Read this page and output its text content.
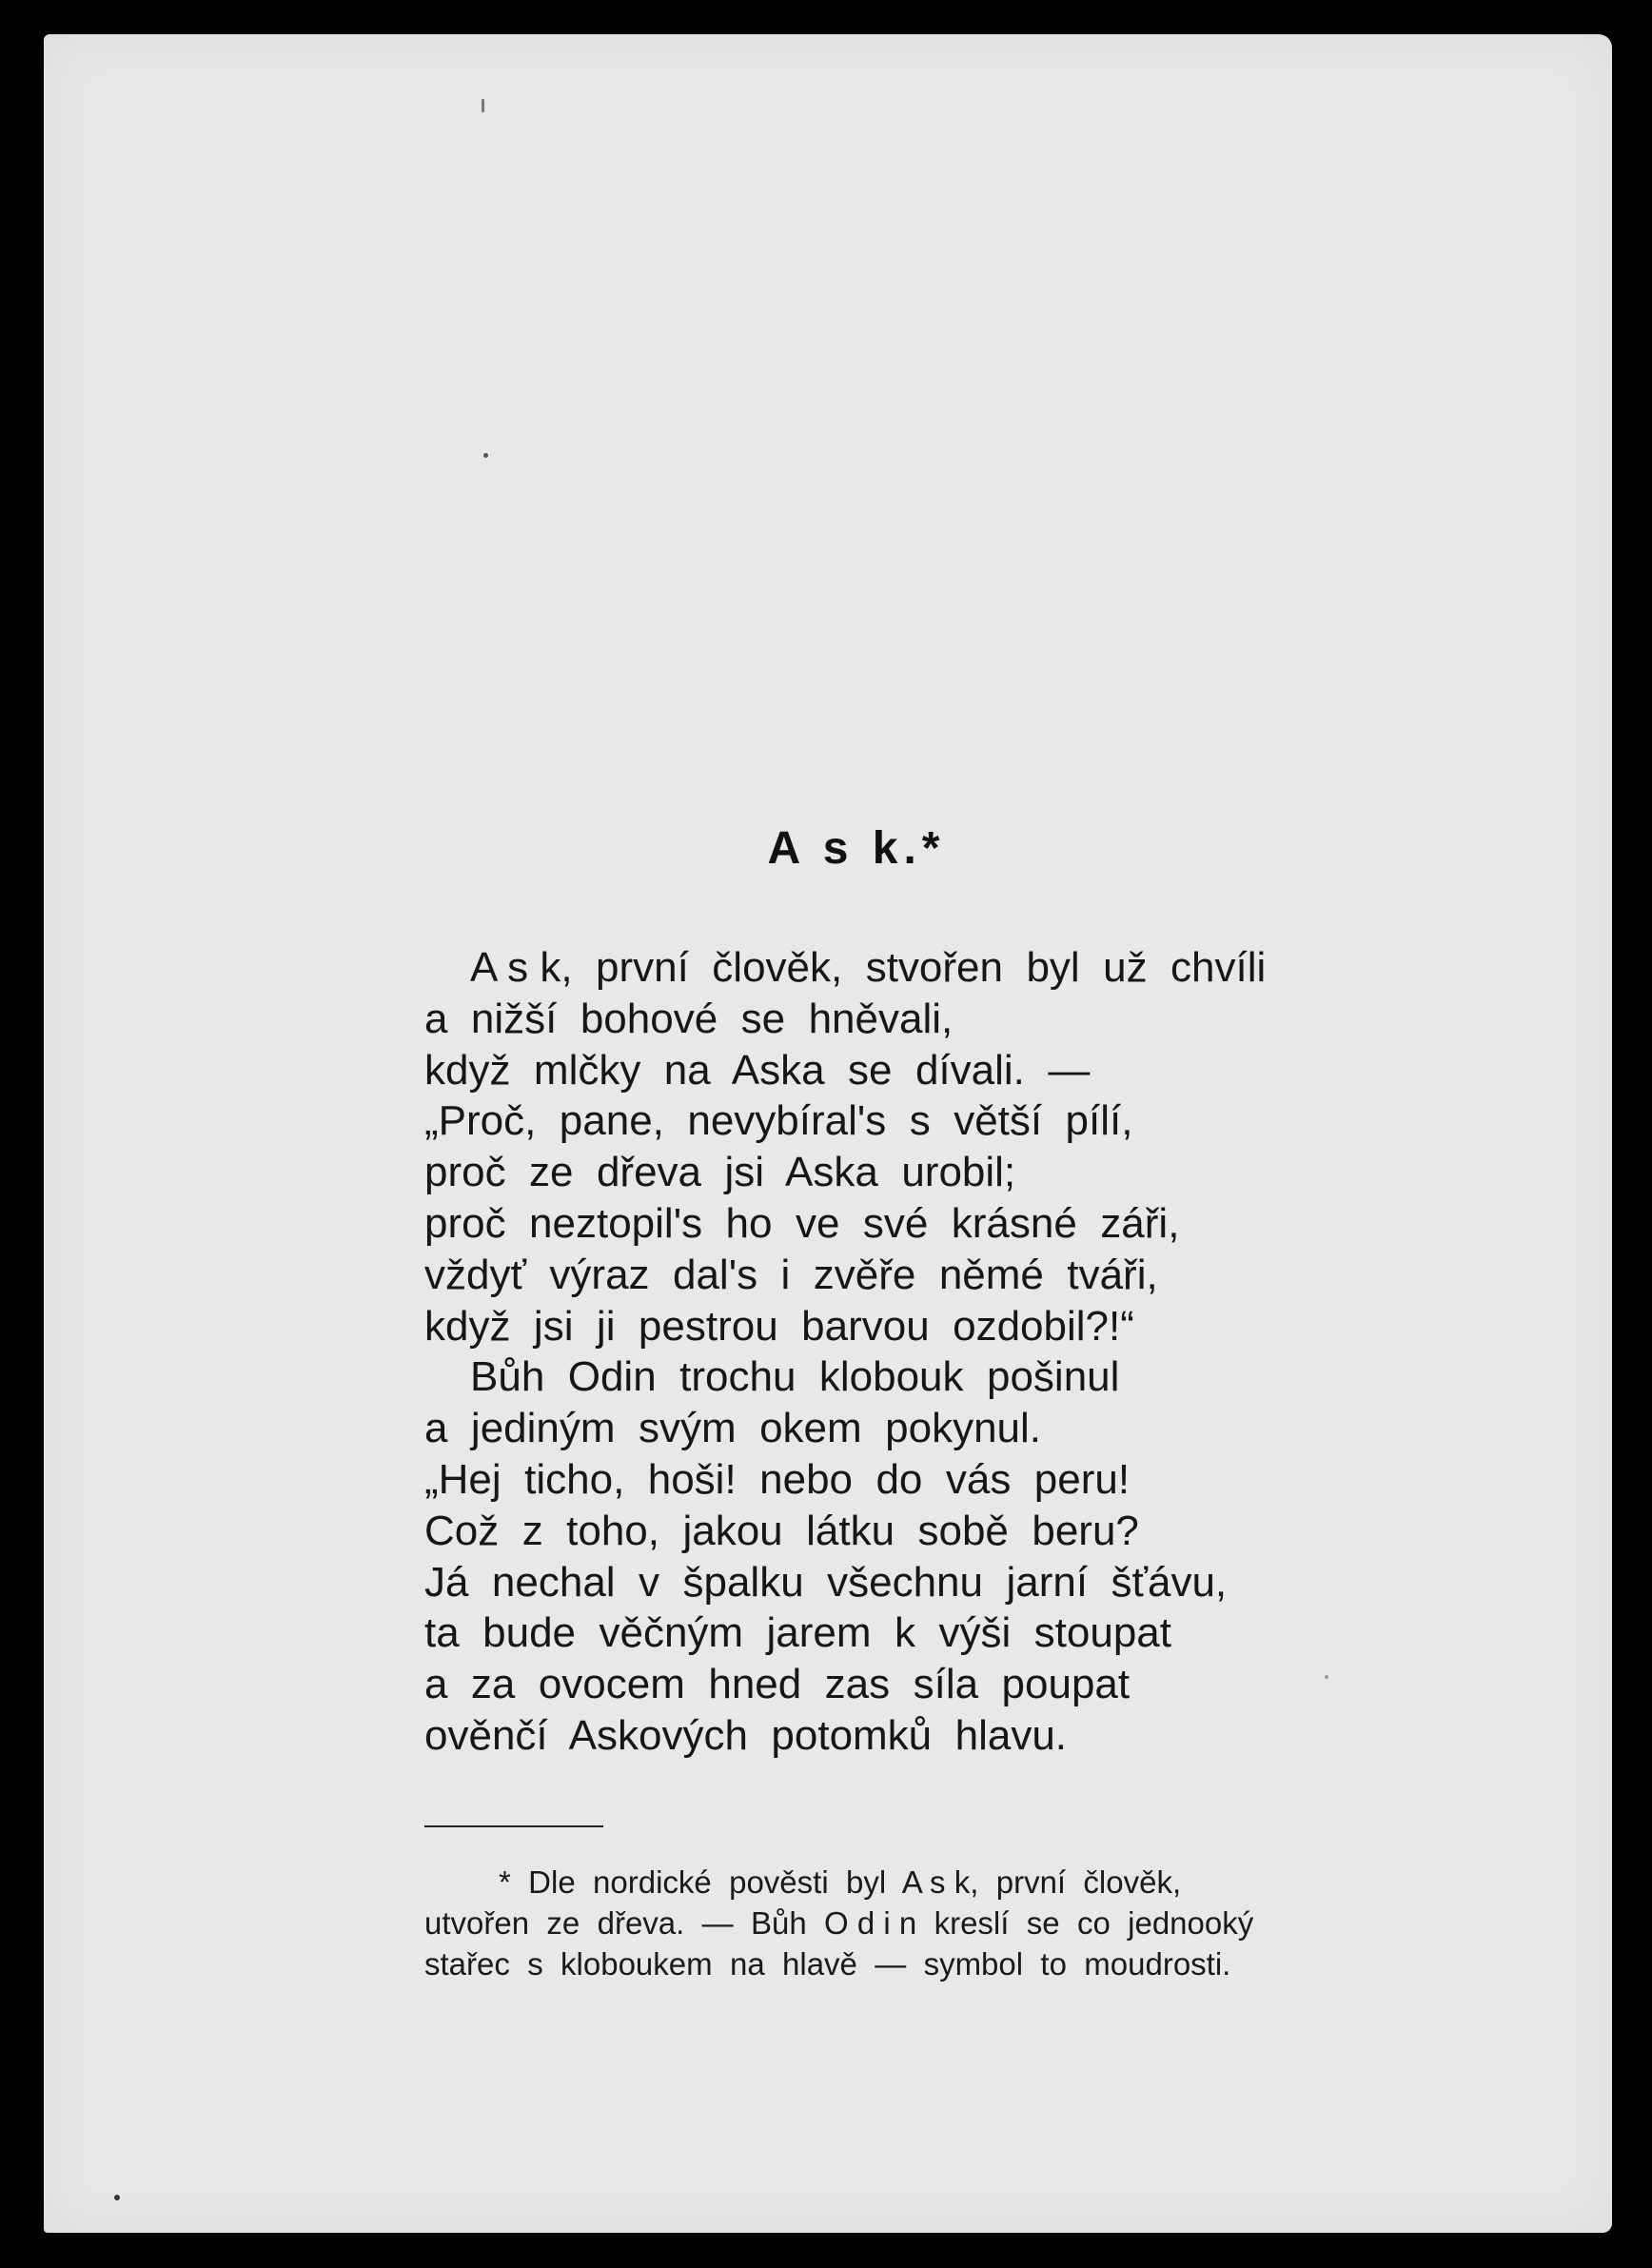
A s k.*
A s k,  první  člověk,  stvořen  byl  už  chvíli
a  nižší  bohové  se  hněvali,
když  mlčky  na  Aska  se  dívali.  —
„Proč,  pane,  nevybíral's  s  větší  pílí,
proč  ze  dřeva  jsi  Aska  urobil;
proč  neztopil's  ho  ve  své  krásné  záři,
vždyť  výraz  dal's  i  zvěře  němé  tváři,
když  jsi  ji  pestrou  barvou  ozdobil?!“
Bůh  Odin  trochu  klobouk  pošinul
a  jediným  svým  okem  pokynul.
„Hej  ticho,  hoši!  nebo  do  vás  peru!
Což  z  toho,  jakou  látku  sobě  beru?
Já  nechal  v  špalku  všechnu  jarní  šťávu,
ta  bude  věčným  jarem  k  výši  stoupat
a  za  ovocem  hned  zas  síla  poupat
ověnčí  Askových  potomků  hlavu.
*  Dle  nordické  pověsti  byl  A s k,  první  člověk,
utvořen  ze  dřeva.  —  Bůh  O d i n  kreslí  se  co  jednooký
stařec  s  kloboukem  na  hlavě  —  symbol  to  moudrosti.
